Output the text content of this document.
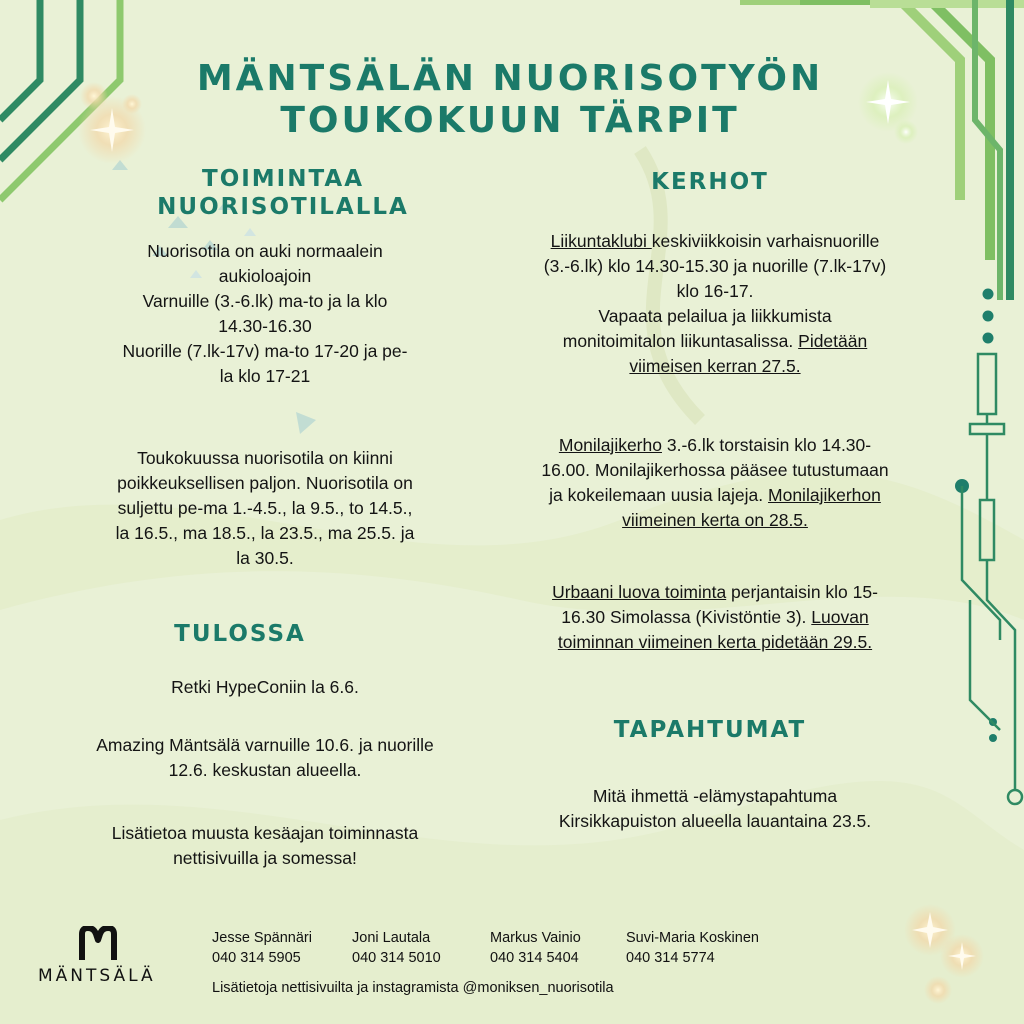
MÄNTSÄLÄN NUORISOTYÖN
TOUKOKUUN TÄRPIT
TOIMINTAA
NUORISOTILALLA

Nuorisotila on auki normaalein
aukioloajoin
Varnuille (3.-6.lk) ma-to ja la klo
14.30-16.30
Nuorille (7.lk-17v) ma-to 17-20 ja pe-
la klo 17-21

Toukokuussa nuorisotila on kiinni
poikkeuksellisen paljon. Nuorisotila on
suljettu pe-ma 1.-4.5., la 9.5., to 14.5.,
la 16.5., ma 18.5., la 23.5., ma 25.5. ja
la 30.5.

TULOSSA

Retki HypeConiin la 6.6.

Amazing Mäntsälä varnuille 10.6. ja nuorille
12.6. keskustan alueella.

Lisätietoa muusta kesäajan toiminnasta
nettisivuilla ja somessa!

KERHOT

Liikuntaklubi keskiviikkoisin varhaisnuorille
(3.-6.lk) klo 14.30-15.30 ja nuorille (7.lk-17v)
klo 16-17.
Vapaata pelailua ja liikkumista
monitoimitalon liikuntasalissa. Pidetään
viimeisen kerran 27.5.

Monilajikerho 3.-6.lk torstaisin klo 14.30-
16.00. Monilajikerhossa pääsee tutustumaan
ja kokeilemaan uusia lajeja. Monilajikerhon
viimeinen kerta on 28.5.

Urbaani luova toiminta perjantaisin klo 15-
16.30 Simolassa (Kivistöntie 3). Luovan
toiminnan viimeinen kerta pidetään 29.5.

TAPAHTUMAT

Mitä ihmettä -elämystapahtuma
Kirsikkapuiston alueella lauantaina 23.5.

MÄNTSÄLÄ
Jesse Spännäri
040 314 5905
Joni Lautala
040 314 5010
Markus Vainio
040 314 5404
Suvi-Maria Koskinen
040 314 5774
Lisätietoja nettisivuilta ja instagramista @moniksen_nuorisotila
